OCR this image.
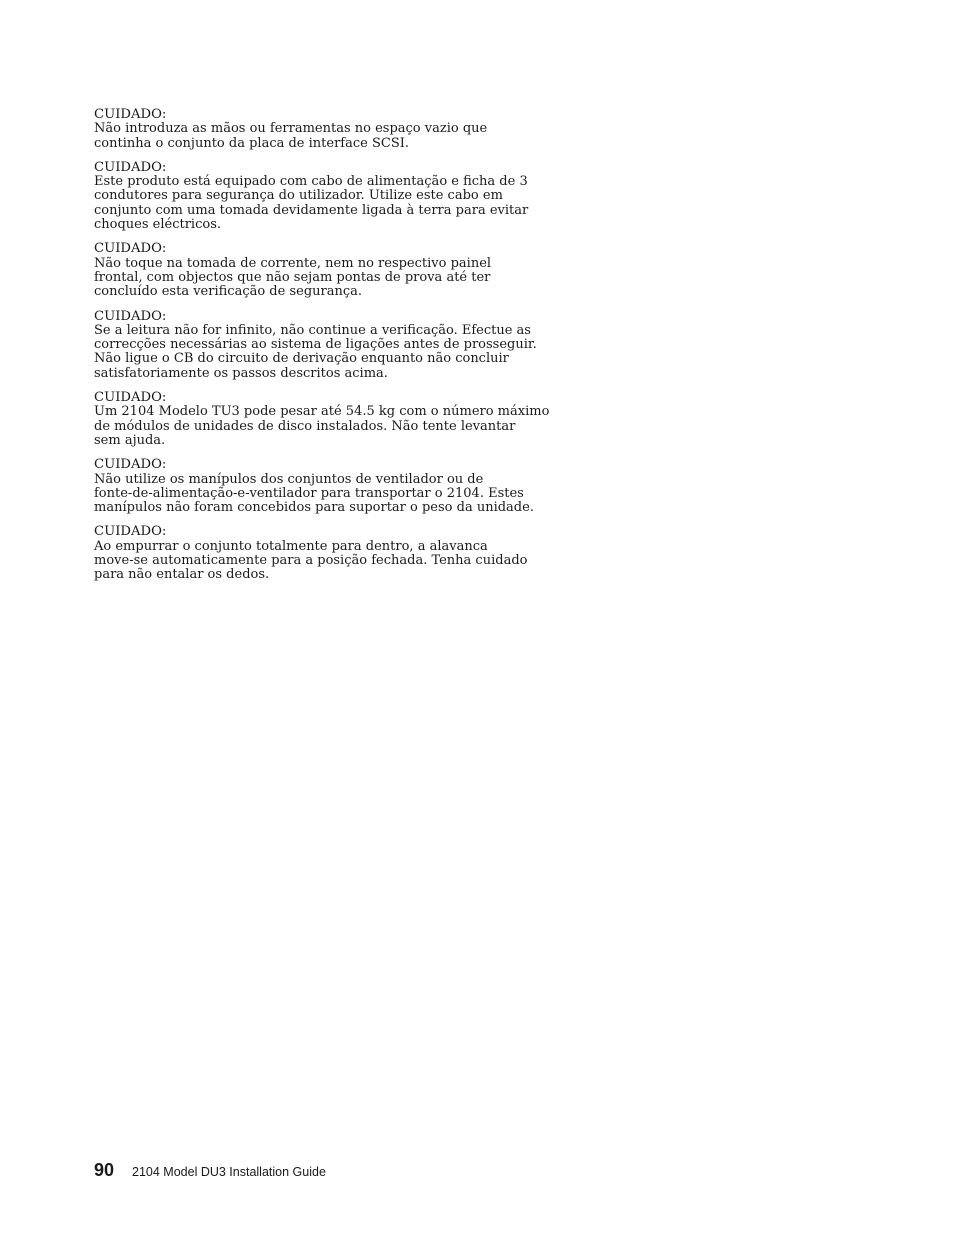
CUIDADO:
Não introduza as mãos ou ferramentas no espaço vazio que
continha o conjunto da placa de interface SCSI.
CUIDADO:
Este produto está equipado com cabo de alimentação e ficha de 3
condutores para segurança do utilizador. Utilize este cabo em
conjunto com uma tomada devidamente ligada à terra para evitar
choques eléctricos.
CUIDADO:
Não toque na tomada de corrente, nem no respectivo painel
frontal, com objectos que não sejam pontas de prova até ter
concluído esta verificação de segurança.
CUIDADO:
Se a leitura não for infinito, não continue a verificação. Efectue as
correcções necessárias ao sistema de ligações antes de prosseguir.
Não ligue o CB do circuito de derivação enquanto não concluir
satisfatoriamente os passos descritos acima.
CUIDADO:
Um 2104 Modelo TU3 pode pesar até 54.5 kg com o número máximo
de módulos de unidades de disco instalados. Não tente levantar
sem ajuda.
CUIDADO:
Não utilize os manípulos dos conjuntos de ventilador ou de
fonte-de-alimentação-e-ventilador para transportar o 2104. Estes
manípulos não foram concebidos para suportar o peso da unidade.
CUIDADO:
Ao empurrar o conjunto totalmente para dentro, a alavanca
move-se automaticamente para a posição fechada. Tenha cuidado
para não entalar os dedos.
90 2104 Model DU3 Installation Guide
